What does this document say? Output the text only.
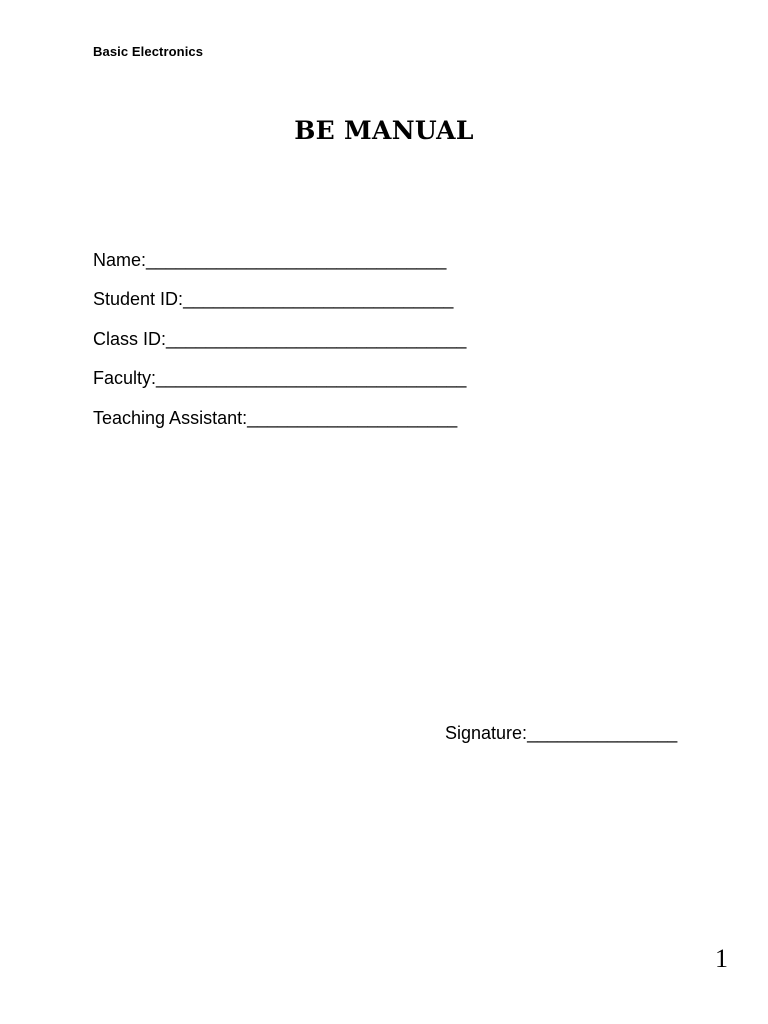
Basic Electronics
BE MANUAL
Name:______________________________
Student ID:___________________________
Class ID:______________________________
Faculty:_______________________________
Teaching Assistant:_____________________
Signature:_______________
1
